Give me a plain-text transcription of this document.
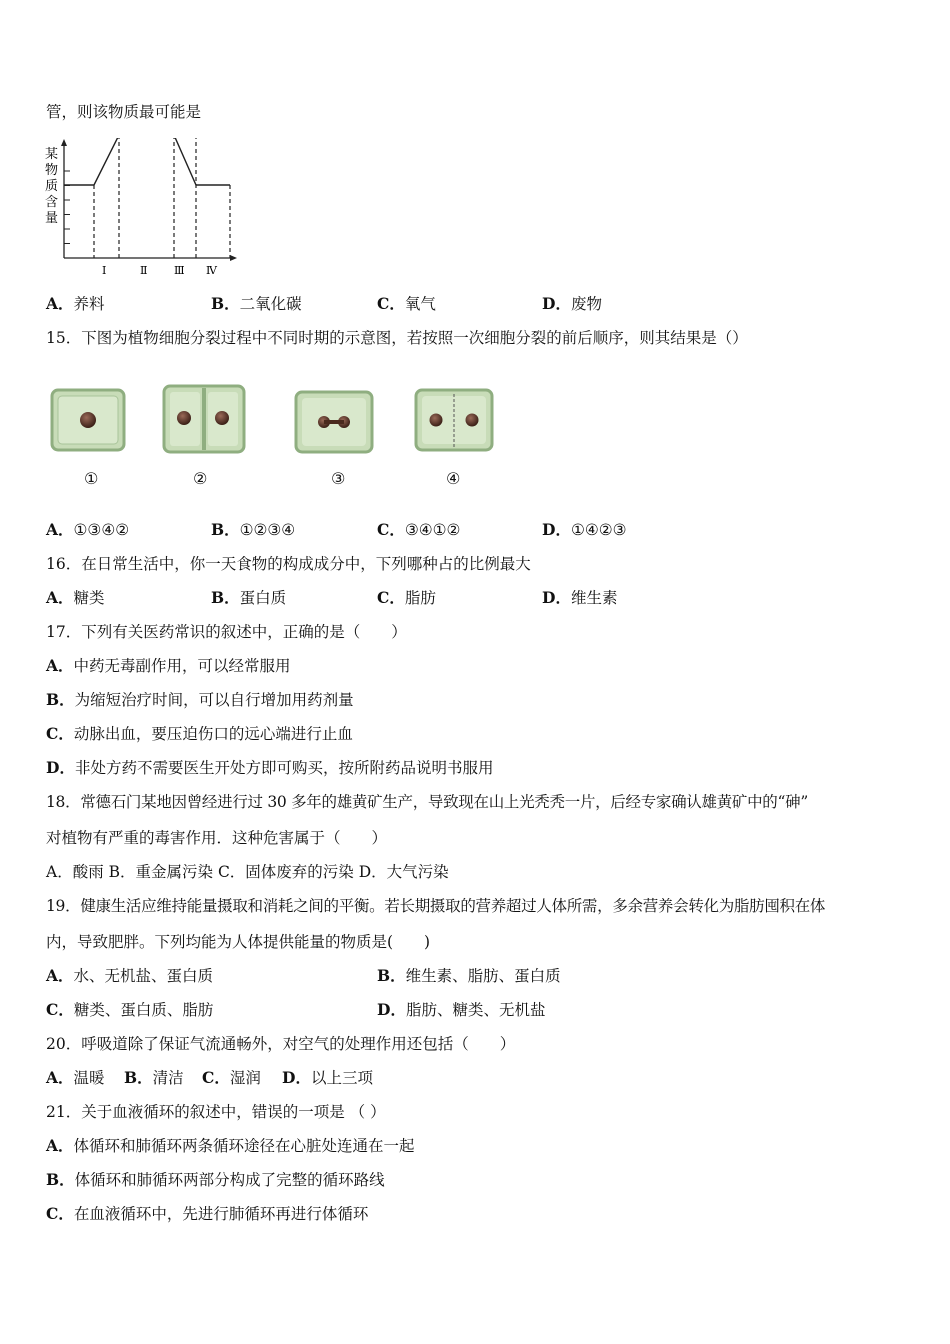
管，则该物质最可能是
某
物
质
含
量
Ⅰ	Ⅱ Ⅲ Ⅳ
A．养料	B．二氧化碳	C．氧气	D．废物
15．下图为植物细胞分裂过程中不同时期的示意图，若按照一次细胞分裂的前后顺序，则其结果是（）
①	②	③	④
A．①③④②	B．①②③④	C．③④①②	D．①④②③
16．在日常生活中，你一天食物的构成成分中，下列哪种占的比例最大
A．糖类	B．蛋白质	C．脂肪	D．维生素
17．下列有关医药常识的叙述中，正确的是（　　）
A．中药无毒副作用，可以经常服用
B．为缩短治疗时间，可以自行增加用药剂量
C．动脉出血，要压迫伤口的远心端进行止血
D．非处方药不需要医生开处方即可购买，按所附药品说明书服用
18．常德石门某地因曾经进行过 30 多年的雄黄矿生产，导致现在山上光秃秃一片，后经专家确认雄黄矿中的“砷”
对植物有严重的毒害作用．这种危害属于（　　）
A．酸雨 B．重金属污染 C．固体废弃的污染 D．大气污染
19．健康生活应维持能量摄取和消耗之间的平衡。若长期摄取的营养超过人体所需，多余营养会转化为脂肪囤积在体
内，导致肥胖。下列均能为人体提供能量的物质是(　　)
A．水、无机盐、蛋白质	B．维生素、脂肪、蛋白质
C．糖类、蛋白质、脂肪	D．脂肪、糖类、无机盐
20．呼吸道除了保证气流通畅外，对空气的处理作用还包括（　　）
A．温暖 B．清洁 C．湿润 D．以上三项
21．关于血液循环的叙述中，错误的一项是 （ ）
A．体循环和肺循环两条循环途径在心脏处连通在一起
B．体循环和肺循环两部分构成了完整的循环路线
C．在血液循环中，先进行肺循环再进行体循环
